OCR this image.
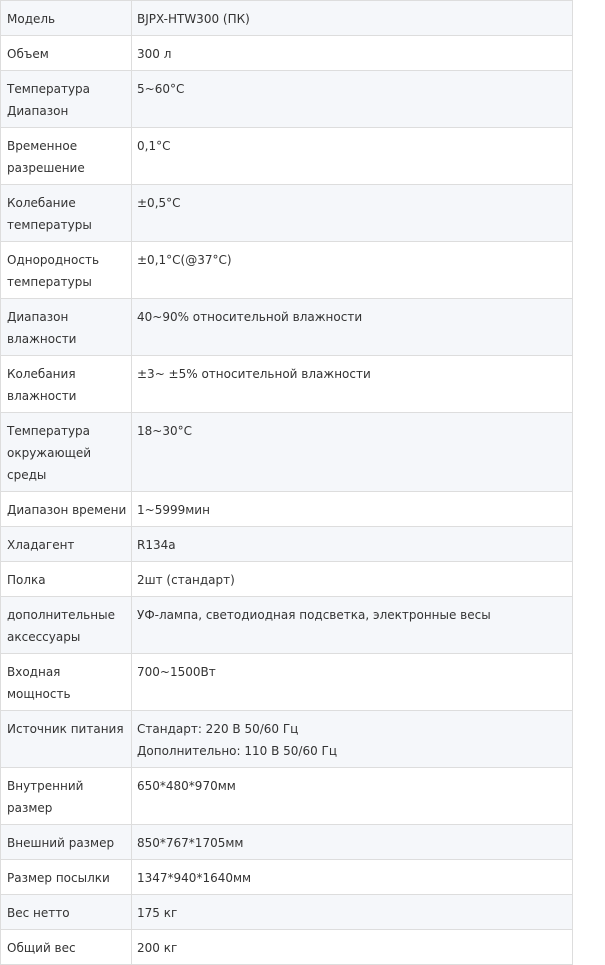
Модель	BJPX-HTW300 (ПК)
Объем	300 л
Температура Диапазон	5~60°C
Временное разрешение	0,1°C
Колебание температуры	±0,5°C
Однородность температуры	±0,1°C(@37°C)
Диапазон влажности	40~90% относительной влажности
Колебания влажности	±3~ ±5% относительной влажности
Температура окружающей среды	18~30°C
Диапазон времени	1~5999мин
Хладагент	R134a
Полка	2шт (стандарт)
дополнительные аксессуары	УФ-лампа, светодиодная подсветка, электронные весы
Входная мощность	700~1500Вт
Источник питания	Стандарт: 220 В 50/60 Гц
Дополнительно: 110 В 50/60 Гц

Внутренний размер	650*480*970мм
Внешний размер	850*767*1705мм
Размер посылки	1347*940*1640мм
Вес нетто	175 кг
Общий вес	200 кг
